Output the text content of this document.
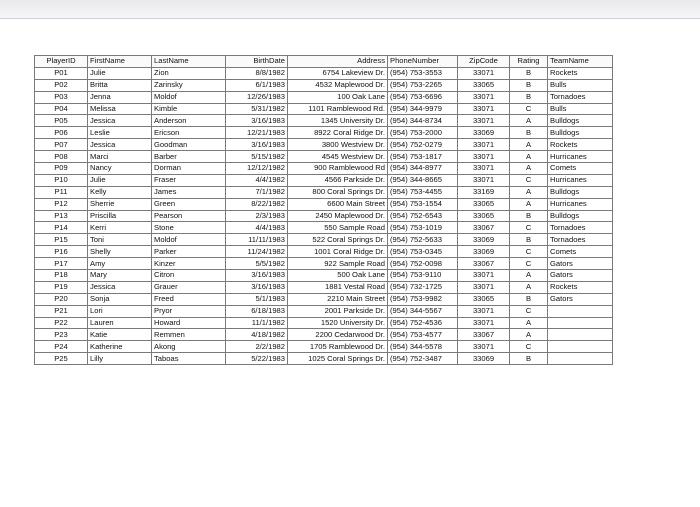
PlayerID	FirstName	LastName	BirthDate	Address	PhoneNumber	ZipCode	Rating	TeamName
P01	Julie	Zion	8/8/1982	6754 Lakeview Dr.	(954) 753-3553	33071	B	Rockets
P02	Britta	Zarinsky	6/1/1983	4532 Maplewood Dr.	(954) 753-2265	33065	B	Bulls
P03	Jenna	Moldof	12/26/1983	100 Oak Lane	(954) 753-6696	33071	B	Tornadoes
P04	Melissa	Kimble	5/31/1982	1101 Ramblewood Rd.	(954) 344-9979	33071	C	Bulls
P05	Jessica	Anderson	3/16/1983	1345 University Dr.	(954) 344-8734	33071	A	Bulldogs
P06	Leslie	Ericson	12/21/1983	8922 Coral Ridge Dr.	(954) 753-2000	33069	B	Bulldogs
P07	Jessica	Goodman	3/16/1983	3800 Westview Dr.	(954) 752-0279	33071	A	Rockets
P08	Marci	Barber	5/15/1982	4545 Westview Dr.	(954) 753-1817	33071	A	Hurricanes
P09	Nancy	Dorman	12/12/1982	900 Ramblewood Rd	(954) 344-8977	33071	A	Comets
P10	Julie	Fraser	4/4/1982	4566 Parkside Dr.	(954) 344-8665	33071	C	Hurricanes
P11	Kelly	James	7/1/1982	800 Coral Springs Dr.	(954) 753-4455	33169	A	Bulldogs
P12	Sherrie	Green	8/22/1982	6600 Main Street	(954) 753-1554	33065	A	Hurricanes
P13	Priscilla	Pearson	2/3/1983	2450 Maplewood Dr.	(954) 752-6543	33065	B	Bulldogs
P14	Kerri	Stone	4/4/1983	550 Sample Road	(954) 753-1019	33067	C	Tornadoes
P15	Toni	Moldof	11/11/1983	522 Coral Springs Dr.	(954) 752-5633	33069	B	Tornadoes
P16	Shelly	Parker	11/24/1982	1001 Coral Ridge Dr.	(954) 753-0345	33069	C	Comets
P17	Amy	Kinzer	5/5/1982	922 Sample Road	(954) 752-0098	33067	C	Gators
P18	Mary	Citron	3/16/1983	500 Oak Lane	(954) 753-9110	33071	A	Gators
P19	Jessica	Grauer	3/16/1983	1881 Vestal Road	(954) 732-1725	33071	A	Rockets
P20	Sonja	Freed	5/1/1983	2210 Main Street	(954) 753-9982	33065	B	Gators
P21	Lori	Pryor	6/18/1983	2001 Parkside Dr.	(954) 344-5567	33071	C	
P22	Lauren	Howard	11/1/1982	1520 University Dr.	(954) 752-4536	33071	A	
P23	Katie	Remmen	4/18/1982	2200 Cedarwood Dr.	(954) 753-4577	33067	A	
P24	Katherine	Akong	2/2/1982	1705 Ramblewood Dr.	(954) 344-5578	33071	C	
P25	Lilly	Taboas	5/22/1983	1025 Coral Springs Dr.	(954) 752-3487	33069	B	
